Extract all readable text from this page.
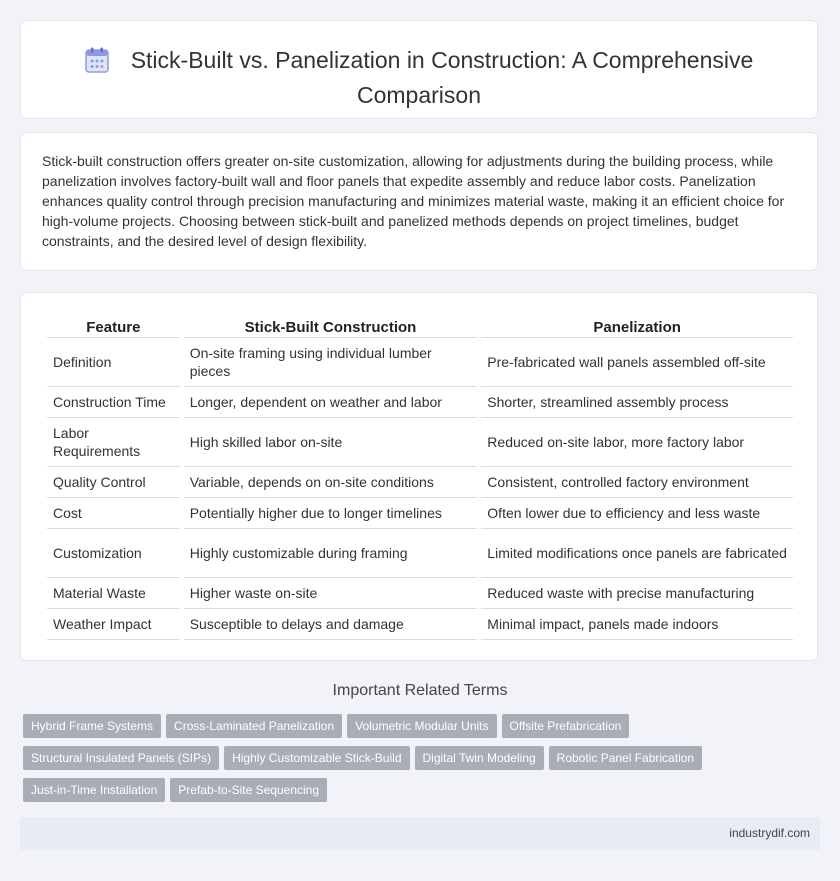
Stick-Built vs. Panelization in Construction: A Comprehensive Comparison

Stick-built construction offers greater on-site customization, allowing for adjustments during the building process, while panelization involves factory-built wall and floor panels that expedite assembly and reduce labor costs. Panelization enhances quality control through precision manufacturing and minimizes material waste, making it an efficient choice for high-volume projects. Choosing between stick-built and panelized methods depends on project timelines, budget constraints, and the desired level of design flexibility.

Feature	Stick-Built Construction	Panelization
Definition	On-site framing using individual lumber pieces	Pre-fabricated wall panels assembled off-site
Construction Time	Longer, dependent on weather and labor	Shorter, streamlined assembly process
Labor Requirements	High skilled labor on-site	Reduced on-site labor, more factory labor
Quality Control	Variable, depends on on-site conditions	Consistent, controlled factory environment
Cost	Potentially higher due to longer timelines	Often lower due to efficiency and less waste
Customization	Highly customizable during framing	Limited modifications once panels are fabricated
Material Waste	Higher waste on-site	Reduced waste with precise manufacturing
Weather Impact	Susceptible to delays and damage	Minimal impact, panels made indoors
Important Related Terms
Hybrid Frame Systems Cross-Laminated Panelization Volumetric Modular Units Offsite Prefabrication
Structural Insulated Panels (SIPs) Highly Customizable Stick-Build Digital Twin Modeling Robotic Panel Fabrication
Just-in-Time Installation Prefab-to-Site Sequencing
industrydif.com
